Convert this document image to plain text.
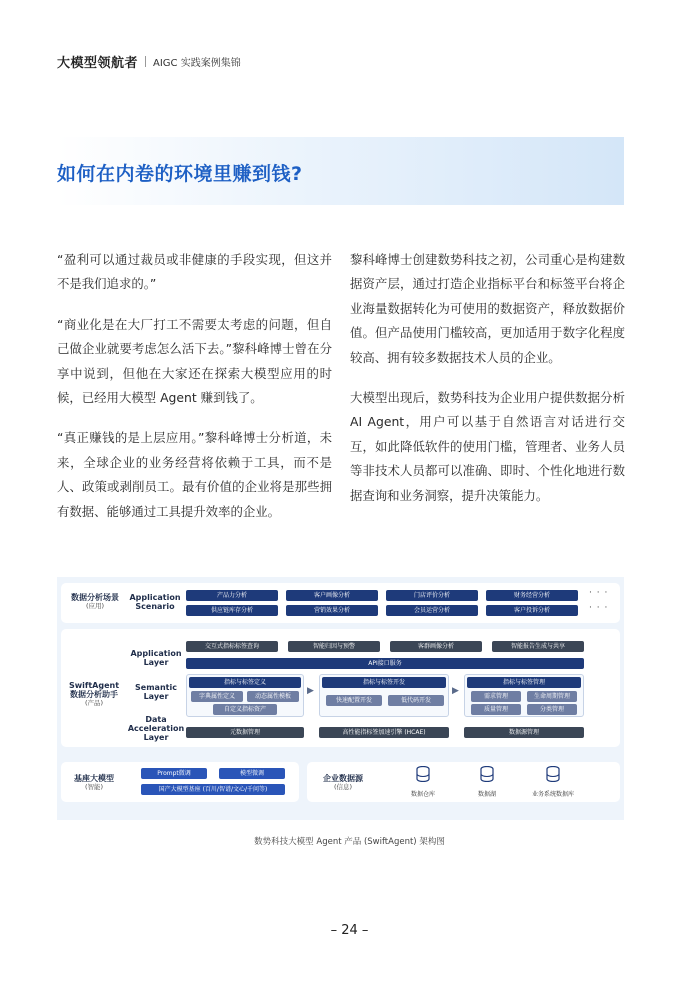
大模型领航者 AIGC 实践案例集锦
如何在内卷的环境里赚到钱?

“盈利可以通过裁员或非健康的手段实现，但这并不是我们追求的。”

“商业化是在大厂打工不需要太考虑的问题，但自己做企业就要考虑怎么活下去。”黎科峰博士曾在分享中说到，但他在大家还在探索大模型应用的时候，已经用大模型 Agent 赚到钱了。

“真正赚钱的是上层应用。”黎科峰博士分析道，未来，全球企业的业务经营将依赖于工具，而不是人、政策或剥削员工。最有价值的企业将是那些拥有数据、能够通过工具提升效率的企业。

黎科峰博士创建数势科技之初，公司重心是构建数据资产层，通过打造企业指标平台和标签平台将企业海量数据转化为可使用的数据资产，释放数据价值。但产品使用门槛较高，更加适用于数字化程度较高、拥有较多数据技术人员的企业。

大模型出现后，数势科技为企业用户提供数据分析 AI Agent，用户可以基于自然语言对话进行交互，如此降低软件的使用门槛，管理者、业务人员等非技术人员都可以准确、即时、个性化地进行数据查询和业务洞察，提升决策能力。

数据分析场景
(应用)
Application Scenario
产品力分析	客户画像分析	门店评价分析	财务经营分析
供应链库存分析	营销效果分析	会员运营分析	客户投诉分析
· · ·
· · ·
SwiftAgent
数据分析助手
(产品)
Application Layer
Semantic Layer
Data Acceleration Layer
交互式指标标签查询	智能归因与预警	客群画像分析	智能报告生成与共享
API接口服务
指标与标签定义
字典属性定义	动态属性模板
自定义指标资产
▶
指标与标签开发
快速配置开发	低代码开发
▶
指标与标签管理
需求管理	生命周期管理
质量管理	分类管理
元数据管理	高性能指标签加速引擎 (HCAE)	数据源管理
基座大模型
(智能)
Prompt微调	模型微调
国产大模型基座 (百川/智谱/文心/千问等)
企业数据源
(信息)
数据仓库	数据湖	业务系统数据库
数势科技大模型 Agent 产品 (SwiftAgent) 架构图
– 24 –
